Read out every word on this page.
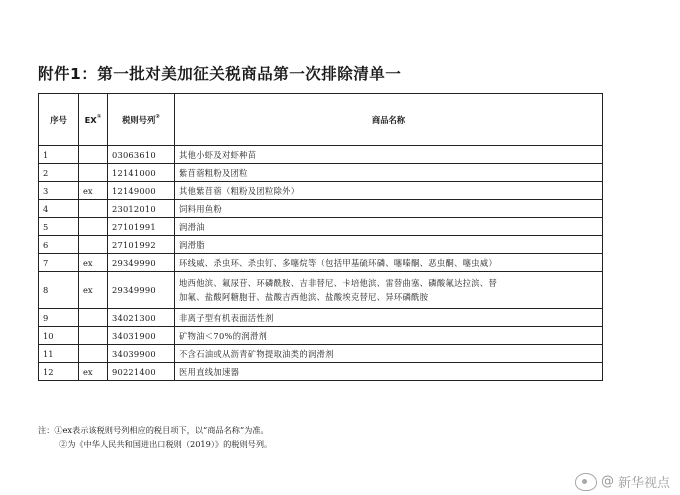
附件1：第一批对美加征关税商品第一次排除清单一
序号	EX①	税则号列②	商品名称
1		03063610	其他小虾及对虾种苗

2		12141000	紫苜蓿粗粉及团粒

3	ex	12149000	其他紫苜蓿（粗粉及团粒除外）

4		23012010	饲料用鱼粉

5		27101991	润滑油

6		27101992	润滑脂

7	ex	29349990	环线威、杀虫环、杀虫钉、多噻烷等（包括甲基硫环磷、噻嗪酮、恶虫酮、噻虫威）

8	ex	29349990	地西他滨、氟尿苷、环磷酰胺、吉非替尼、卡培他滨、雷替曲塞、磷酸氟达拉滨、替
加氟、盐酸阿糖胞苷、盐酸吉西他滨、盐酸埃克替尼、异环磷酰胺

9		34021300	非离子型有机表面活性剂

10		34031900	矿物油＜70%的润滑剂

11		34039900	不含石油或从沥青矿物提取油类的润滑剂

12	ex	90221400	医用直线加速器
注：①ex表示该税则号列相应的税目项下，以“商品名称”为准。
②为《中华人民共和国进出口税则（2019）》的税则号列。
@ 新华视点
